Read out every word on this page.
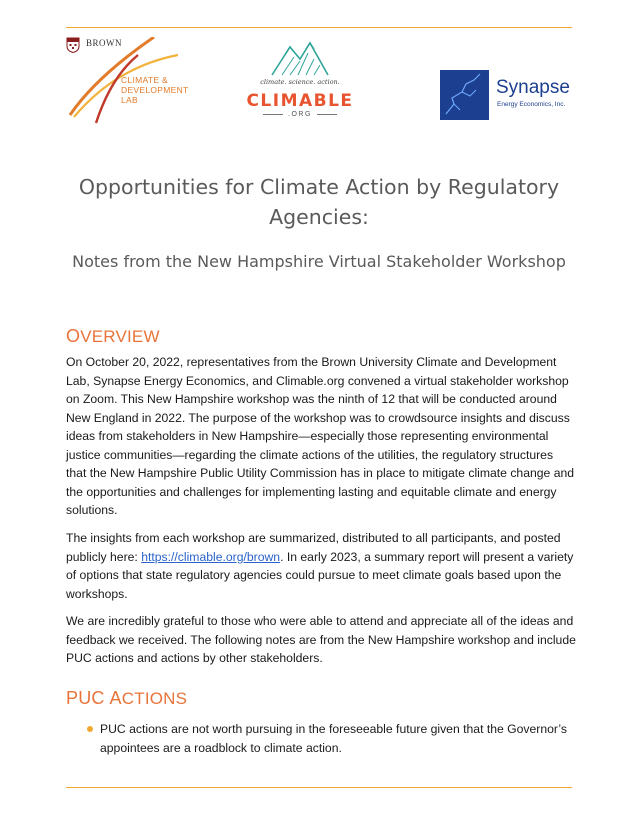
BROWN
CLIMATE &
DEVELOPMENT
LAB
climate. science. action.
CLIMABLE
.ORG
Synapse
Energy Economics, Inc.
Opportunities for Climate Action by Regulatory Agencies:
Notes from the New Hampshire Virtual Stakeholder Workshop
OVERVIEW
On October 20, 2022, representatives from the Brown University Climate and Development Lab, Synapse Energy Economics, and Climable.org convened a virtual stakeholder workshop on Zoom. This New Hampshire workshop was the ninth of 12 that will be conducted around New England in 2022. The purpose of the workshop was to crowdsource insights and discuss ideas from stakeholders in New Hampshire—especially those representing environmental justice communities—regarding the climate actions of the utilities, the regulatory structures that the New Hampshire Public Utility Commission has in place to mitigate climate change and the opportunities and challenges for implementing lasting and equitable climate and energy solutions.
The insights from each workshop are summarized, distributed to all participants, and posted publicly here: https://climable.org/brown. In early 2023, a summary report will present a variety of options that state regulatory agencies could pursue to meet climate goals based upon the workshops.
We are incredibly grateful to those who were able to attend and appreciate all of the ideas and feedback we received. The following notes are from the New Hampshire workshop and include PUC actions and actions by other stakeholders.
PUC ACTIONS
PUC actions are not worth pursuing in the foreseeable future given that the Governor’s appointees are a roadblock to climate action.
